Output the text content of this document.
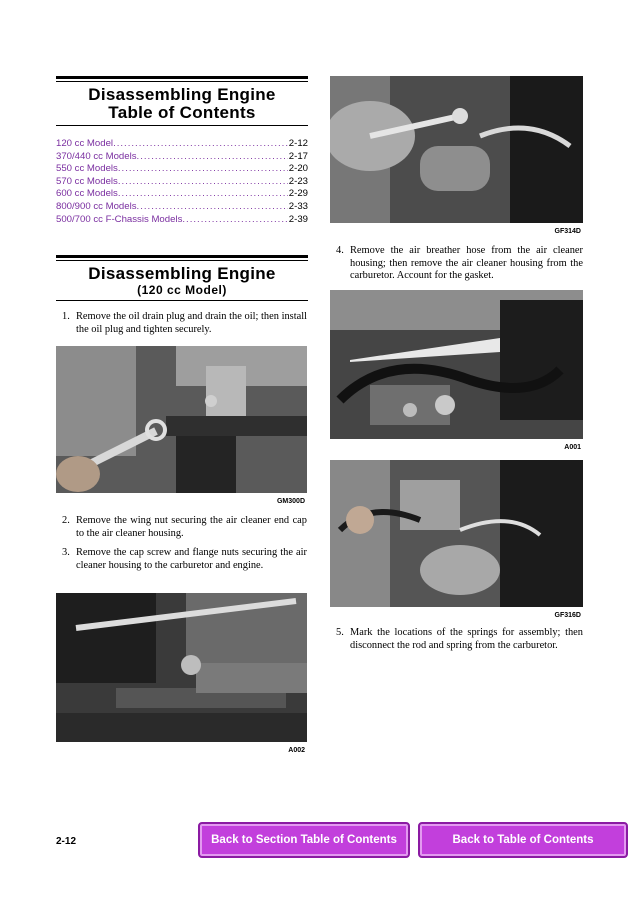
Disassembling Engine
Table of Contents
120 cc Model .....	2-12
370/440 cc Models .....	2-17
550 cc Models .....	2-20
570 cc Models .....	2-23
600 cc Models .....	2-29
800/900 cc Models .....	2-33
500/700 cc F-Chassis Models .....	2-39
Disassembling Engine
(120 cc Model)
1. Remove the oil drain plug and drain the oil; then install the oil plug and tighten securely.
GM300D
2. Remove the wing nut securing the air cleaner end cap to the air cleaner housing.
3. Remove the cap screw and flange nuts securing the air cleaner housing to the carburetor and engine.
A002
GF314D
4. Remove the air breather hose from the air cleaner housing; then remove the air cleaner housing from the carburetor. Account for the gasket.
A001
GF316D
5. Mark the locations of the springs for assembly; then disconnect the rod and spring from the carburetor.
2-12	Back to Section Table of Contents	Back to Table of Contents
